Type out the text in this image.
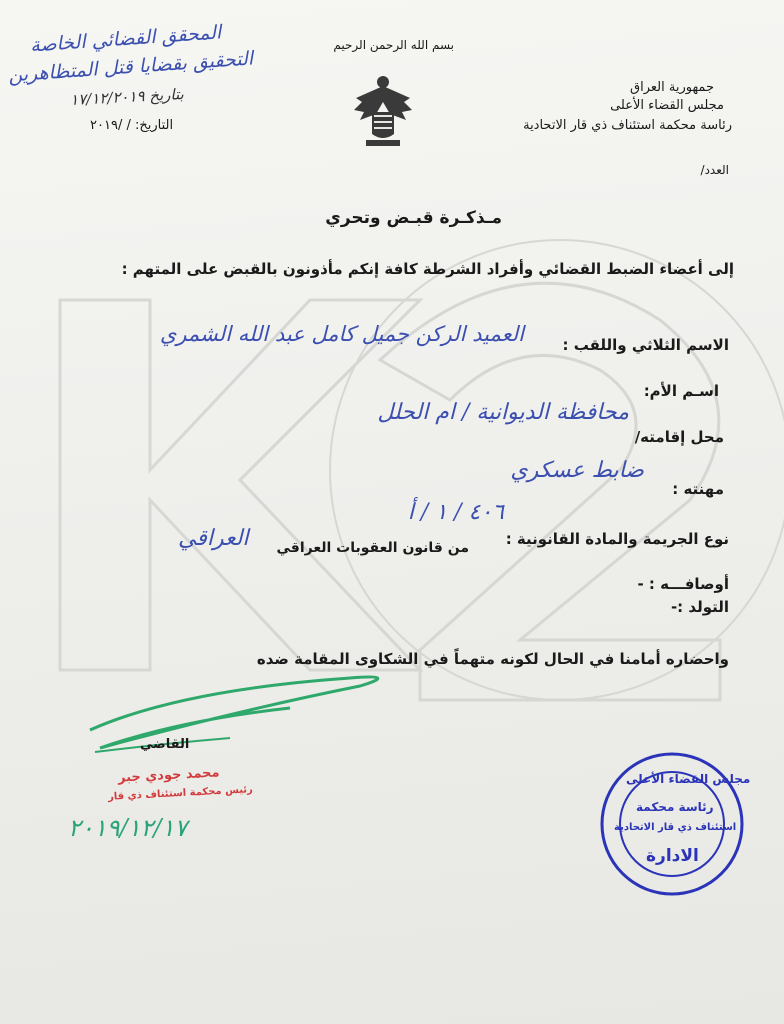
المحقق القضائي الخاصة
التحقيق بقضايا قتل المتظاهرين
بتاريخ ١٧/١٢/٢٠١٩
بسم الله الرحمن الرحيم
جمهورية العراق
مجلس القضاء الأعلى
رئاسة محكمة استئناف ذي قار الاتحادية
التاريخ: / /٢٠١٩
العدد/
مـذكـرة قبـض وتحري
إلى أعضاء الضبط القضائي وأفراد الشرطة كافة إنكم مأذونون بالقبض على المتهم :
الاسم الثلاثي واللقب :
العميد الركن جميل كامل عبد الله الشمري
اسـم الأم:
محل إقامته/
محافظة الديوانية / ام الحلل
مهنته :
ضابط عسكري
نوع الجريمة والمادة القانونية :
٤٠٦ / ١ / أ
من قانون العقوبات العراقي
العراقي
أوصافـــه : -
التولد :-
واحضاره أمامنا في الحال لكونه متهماً في الشكاوى المقامة ضده
القاضي
محمد جودي جبر
رئيس محكمة استئناف ذي قار
٢٠١٩/١٢/١٧
مجلس القضاء الأعلى
رئاسة محكمة
استئناف ذي قار الاتحادية
الادارة
